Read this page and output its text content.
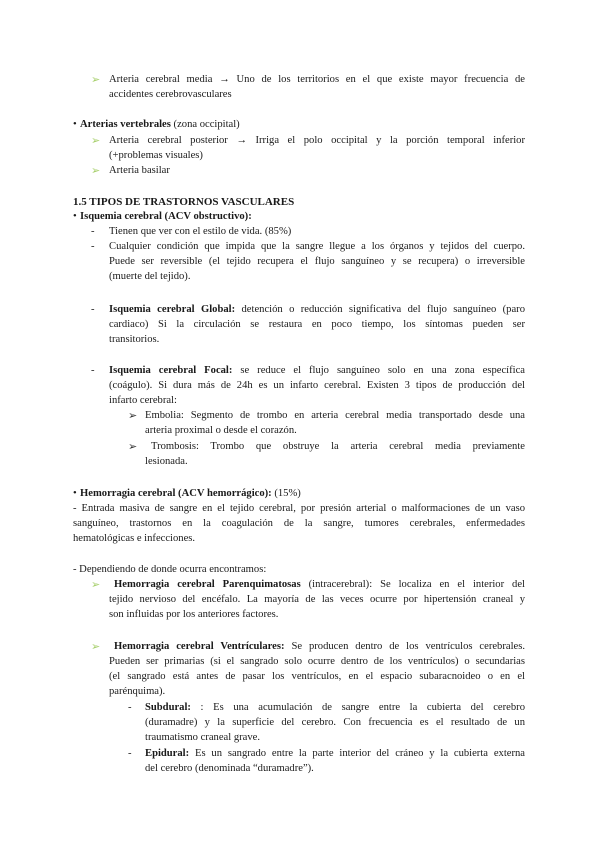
➢ Arteria cerebral media → Uno de los territorios en el que existe mayor frecuencia de
accidentes cerebrovasculares
• Arterias vertebrales (zona occipital)
➢ Arteria cerebral posterior → Irriga el polo occipital y la porción temporal inferior
(+problemas visuales)
➢ Arteria basilar
1.5 TIPOS DE TRASTORNOS VASCULARES
• Isquemia cerebral (ACV obstructivo):
- Tienen que ver con el estilo de vida. (85%)
- Cualquier condición que impida que la sangre llegue a los órganos y tejidos del cuerpo.
Puede ser reversible (el tejido recupera el flujo sanguíneo y se recupera) o irreversible
(muerte del tejido).
- Isquemia cerebral Global: detención o reducción significativa del flujo sanguíneo (paro
cardiaco) Si la circulación se restaura en poco tiempo, los síntomas pueden ser
transitorios.
- Isquemia cerebral Focal: se reduce el flujo sanguíneo solo en una zona específica
(coágulo). Si dura más de 24h es un infarto cerebral. Existen 3 tipos de producción del
infarto cerebral:
➢ Embolia: Segmento de trombo en arteria cerebral media transportado desde una
arteria proximal o desde el corazón.
➢ Trombosis: Trombo que obstruye la arteria cerebral media previamente
lesionada.
• Hemorragia cerebral (ACV hemorrágico): (15%)
- Entrada masiva de sangre en el tejido cerebral, por presión arterial o malformaciones de un vaso
sanguíneo, trastornos en la coagulación de la sangre, tumores cerebrales, enfermedades
hematológicas e infecciones.
- Dependiendo de donde ocurra encontramos:
➢ Hemorragia cerebral Parenquimatosas (intracerebral): Se localiza en el interior del
tejido nervioso del encéfalo. La mayoría de las veces ocurre por hipertensión craneal y
son influidas por los anteriores factores.
➢ Hemorragia cerebral Ventrículares: Se producen dentro de los ventrículos cerebrales.
Pueden ser primarias (si el sangrado solo ocurre dentro de los ventrículos) o secundarias
(el sangrado está antes de pasar los ventrículos, en el espacio subaracnoideo o en el
parénquima).
- Subdural: : Es una acumulación de sangre entre la cubierta del cerebro
(duramadre) y la superficie del cerebro. Con frecuencia es el resultado de un
traumatismo craneal grave.
- Epidural: Es un sangrado entre la parte interior del cráneo y la cubierta externa
del cerebro (denominada “duramadre”).
